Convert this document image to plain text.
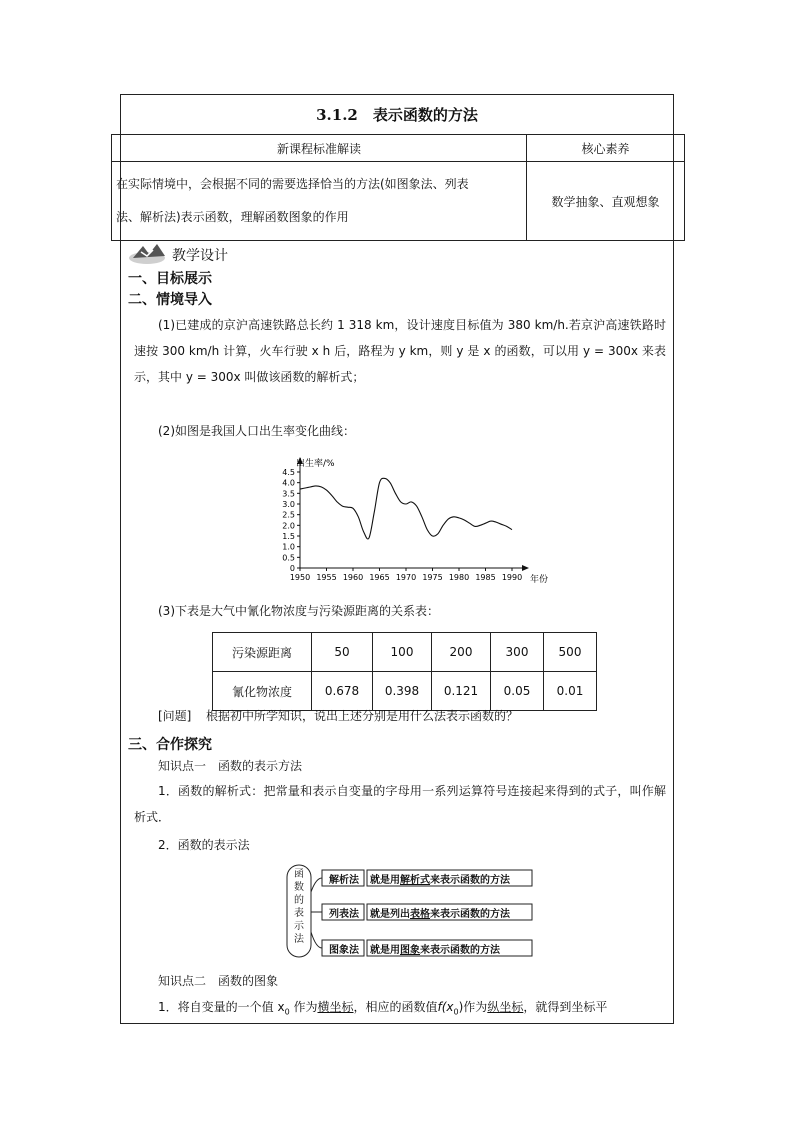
3.1.2　表示函数的方法
新课程标准解读	核心素养

在实际情境中，会根据不同的需要选择恰当的方法(如图象法、列表
法、解析法)表示函数，理解函数图象的作用	数学抽象、直观想象
教学设计
一、目标展示
二、情境导入
(1)已建成的京沪高速铁路总长约 1 318 km，设计速度目标值为 380 km/h.若京沪高速铁路时速按 300 km/h 计算，火车行驶 x h 后，路程为 y km，则 y 是 x 的函数，可以用 y = 300x 来表示，其中 y = 300x 叫做该函数的解析式；
(2)如图是我国人口出生率变化曲线：
0
0.5
1.0
1.5
2.0
2.5
3.0
3.5
4.0
4.5
1950 1955 1960 1965 1970 1975 1980 1985 1990
出生率/%
年份
(3)下表是大气中氰化物浓度与污染源距离的关系表：
污染源距离	50	100	200	300	500
氰化物浓度	0.678	0.398	0.121	0.05	0.01
[问题] 根据初中所学知识，说出上述分别是用什么法表示函数的？
三、合作探究
知识点一　函数的表示方法
1．函数的解析式：把常量和表示自变量的字母用一系列运算符号连接起来得到的式子，叫作解析式．
2．函数的表示法
函
数
的
表
示
法
解析法
列表法
图象法
就是用解析式来表示函数的方法
就是列出表格来表示函数的方法
就是用图象来表示函数的方法
知识点二　函数的图象
1．将自变量的一个值 $x_0$ 作为横坐标，相应的函数值$f(x_0)$作为纵坐标，就得到坐标平
